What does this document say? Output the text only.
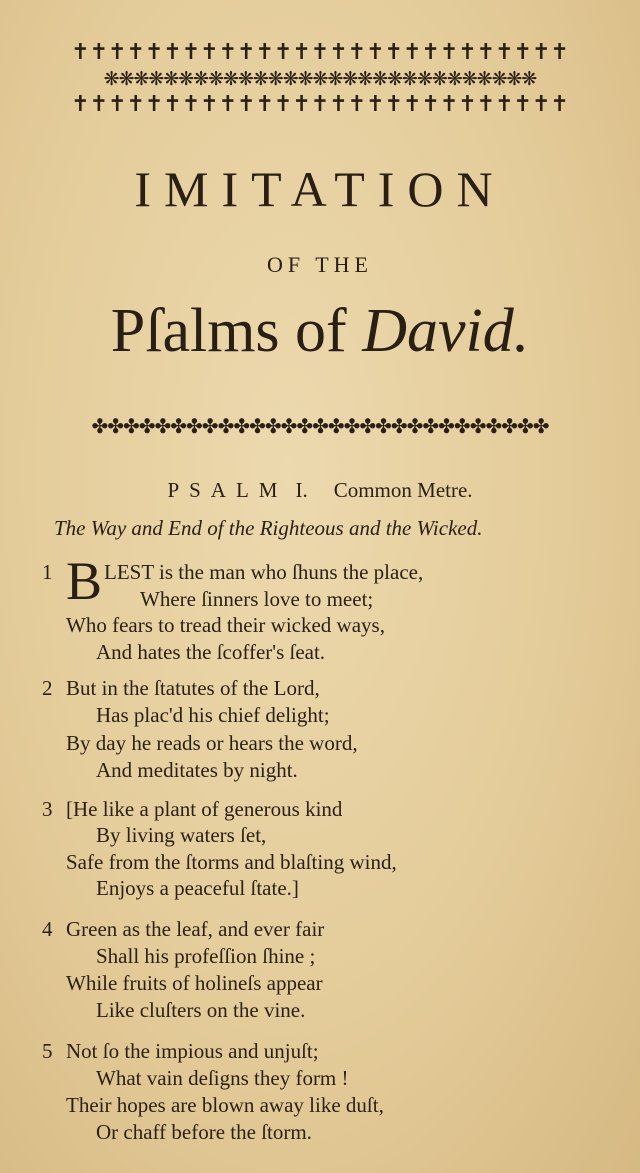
✝✝✝✝✝✝✝✝✝✝✝✝✝✝✝✝✝✝✝✝✝✝✝✝✝✝✝
❋❋❋❋❋❋❋❋❋❋❋❋❋❋❋❋❋❋❋❋❋❋❋❋❋❋❋❋❋
✝✝✝✝✝✝✝✝✝✝✝✝✝✝✝✝✝✝✝✝✝✝✝✝✝✝✝
IMITATION
OF THE
Pſalms of David.
✤✤✤✤✤✤✤✤✤✤✤✤✤✤✤✤✤✤✤✤✤✤✤✤✤✤✤✤✤
PSALM I. Common Metre.
The Way and End of the Righteous and the Wicked.
1 B LEST is the man who ſhuns the place,
Where ſinners love to meet;
Who fears to tread their wicked ways,
And hates the ſcoffer's ſeat.
2 But in the ſtatutes of the Lord,
Has plac'd his chief delight;
By day he reads or hears the word,
And meditates by night.
3 [He like a plant of generous kind
By living waters ſet,
Safe from the ſtorms and blaſting wind,
Enjoys a peaceful ſtate.]
4 Green as the leaf, and ever fair
Shall his profeſſion ſhine ;
While fruits of holineſs appear
Like cluſters on the vine.
5 Not ſo the impious and unjuſt;
What vain deſigns they form !
Their hopes are blown away like duſt,
Or chaff before the ſtorm.
